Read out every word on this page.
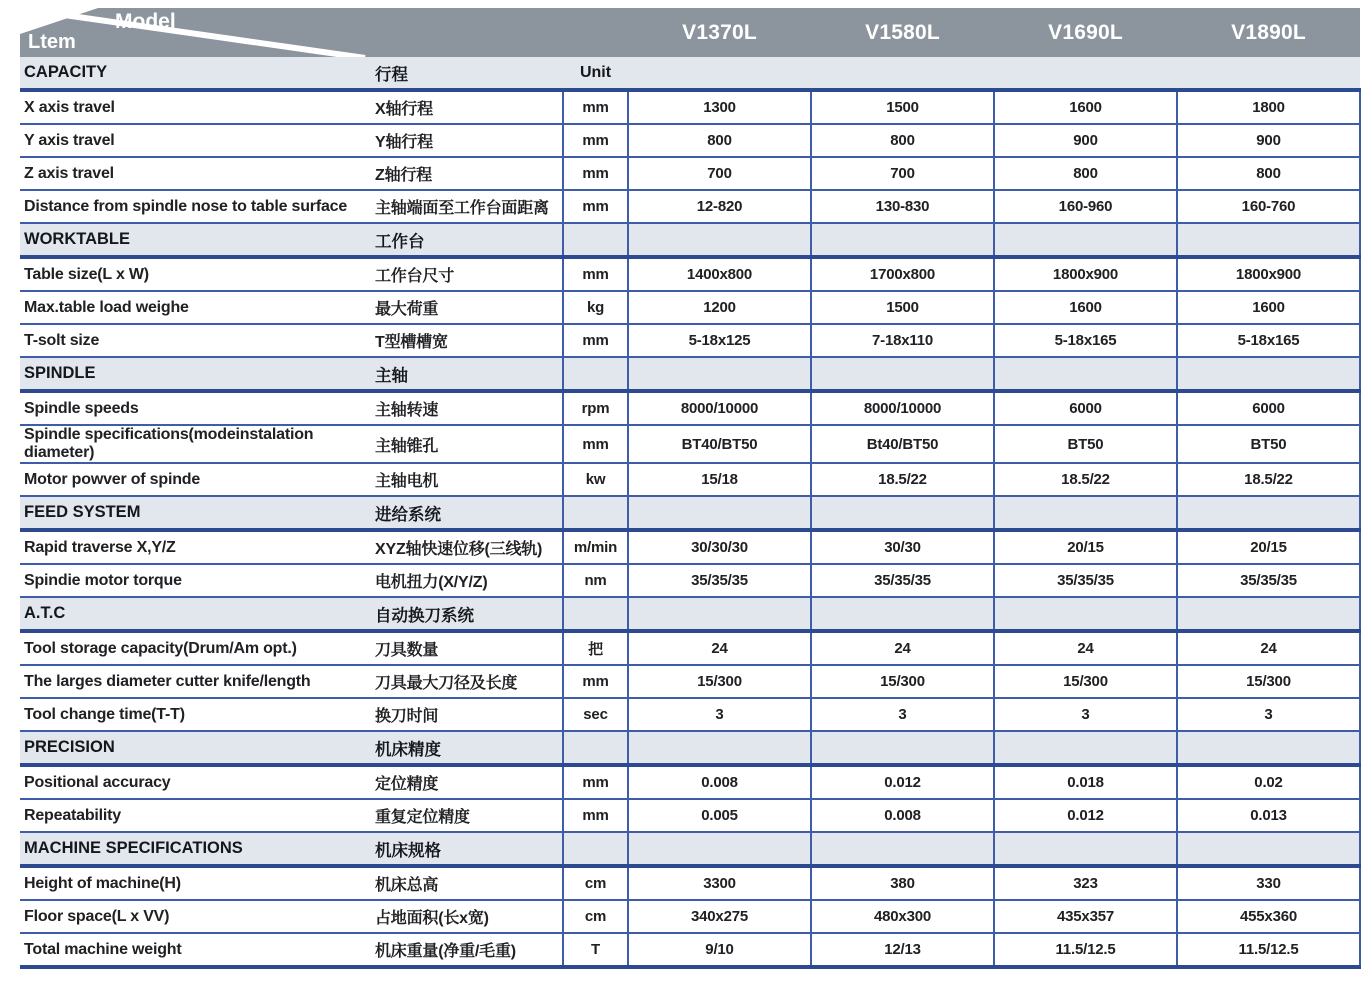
Model
Ltem			V1370L	V1580L	V1690L	V1890L
CAPACITY	行程	Unit				
X axis travel	X轴行程	mm	1300	1500	1600	1800
Y axis travel	Y轴行程	mm	800	800	900	900
Z axis travel	Z轴行程	mm	700	700	800	800
Distance from spindle nose to table surface	主轴端面至工作台面距离	mm	12-820	130-830	160-960	160-760
WORKTABLE	工作台					
Table size(L x W)	工作台尺寸	mm	1400x800	1700x800	1800x900	1800x900
Max.table load weighe	最大荷重	kg	1200	1500	1600	1600
T-solt size	T型槽槽宽	mm	5-18x125	7-18x110	5-18x165	5-18x165
SPINDLE	主轴					
Spindle speeds	主轴转速	rpm	8000/10000	8000/10000	6000	6000
Spindle specifications(modeinstalation diameter)	主轴锥孔	mm	BT40/BT50	Bt40/BT50	BT50	BT50
Motor powver of spinde	主轴电机	kw	15/18	18.5/22	18.5/22	18.5/22
FEED SYSTEM	进给系统					
Rapid traverse X,Y/Z	XYZ轴快速位移(三线轨)	m/min	30/30/30	30/30	20/15	20/15
Spindie motor torque	电机扭力(X/Y/Z)	nm	35/35/35	35/35/35	35/35/35	35/35/35
A.T.C	自动换刀系统					
Tool storage capacity(Drum/Am opt.)	刀具数量	把	24	24	24	24
The larges diameter cutter knife/length	刀具最大刀径及长度	mm	15/300	15/300	15/300	15/300
Tool change time(T-T)	换刀时间	sec	3	3	3	3
PRECISION	机床精度					
Positional accuracy	定位精度	mm	0.008	0.012	0.018	0.02
Repeatability	重复定位精度	mm	0.005	0.008	0.012	0.013
MACHINE SPECIFICATIONS	机床规格					
Height of machine(H)	机床总高	cm	3300	380	323	330
Floor space(L x VV)	占地面积(长x宽)	cm	340x275	480x300	435x357	455x360
Total machine weight	机床重量(净重/毛重)	T	9/10	12/13	11.5/12.5	11.5/12.5
